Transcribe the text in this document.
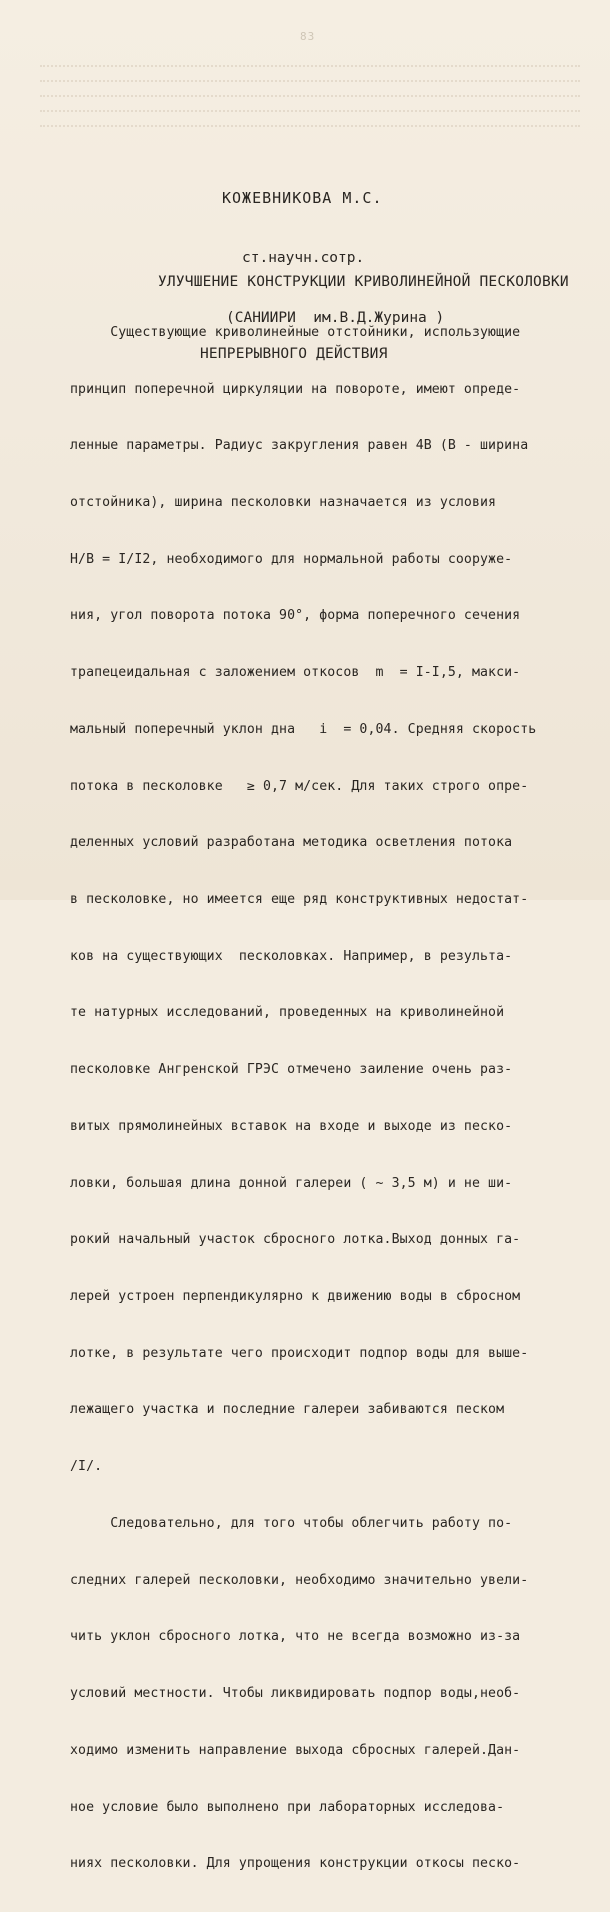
83

КОЖЕВНИКОВА М.С.

ст.научн.сотр.

(САНИИРИ  им.В.Д.Журина )

УЛУЧШЕНИЕ КОНСТРУКЦИИ КРИВОЛИНЕЙНОЙ ПЕСКОЛОВКИ

НЕПРЕРЫВНОГО ДЕЙСТВИЯ

Существующие криволинейные отстойники, использующие

принцип поперечной циркуляции на повороте, имеют опреде-

ленные параметры. Радиус закругления равен 4В (В - ширина

отстойника), ширина песколовки назначается из условия

Н/В = I/I2, необходимого для нормальной работы сооруже-

ния, угол поворота потока 90°, форма поперечного сечения

трапецеидальная с заложением откосов  m  = I-I,5, макси-

мальный поперечный уклон дна   i  = 0,04. Средняя скорость

потока в песколовке   ≥ 0,7 м/сек. Для таких строго опре-

деленных условий разработана методика осветления потока

в песколовке, но имеется еще ряд конструктивных недостат-

ков на существующих  песколовках. Например, в результа-

те натурных исследований, проведенных на криволинейной

песколовке Ангренской ГРЭС отмечено заиление очень раз-

витых прямолинейных вставок на входе и выходе из песко-

ловки, большая длина донной галереи ( ~ 3,5 м) и не ши-

рокий начальный участок сбросного лотка.Выход донных га-

лерей устроен перпендикулярно к движению воды в сбросном

лотке, в результате чего происходит подпор воды для выше-

лежащего участка и последние галереи забиваются песком

/I/.

Следовательно, для того чтобы облегчить работу по-

следних галерей песколовки, необходимо значительно увели-

чить уклон сбросного лотка, что не всегда возможно из-за

условий местности. Чтобы ликвидировать подпор воды,необ-

ходимо изменить направление выхода сбросных галерей.Дан-

ное условие было выполнено при лабораторных исследова-

ниях песколовки. Для упрощения конструкции откосы песко-
